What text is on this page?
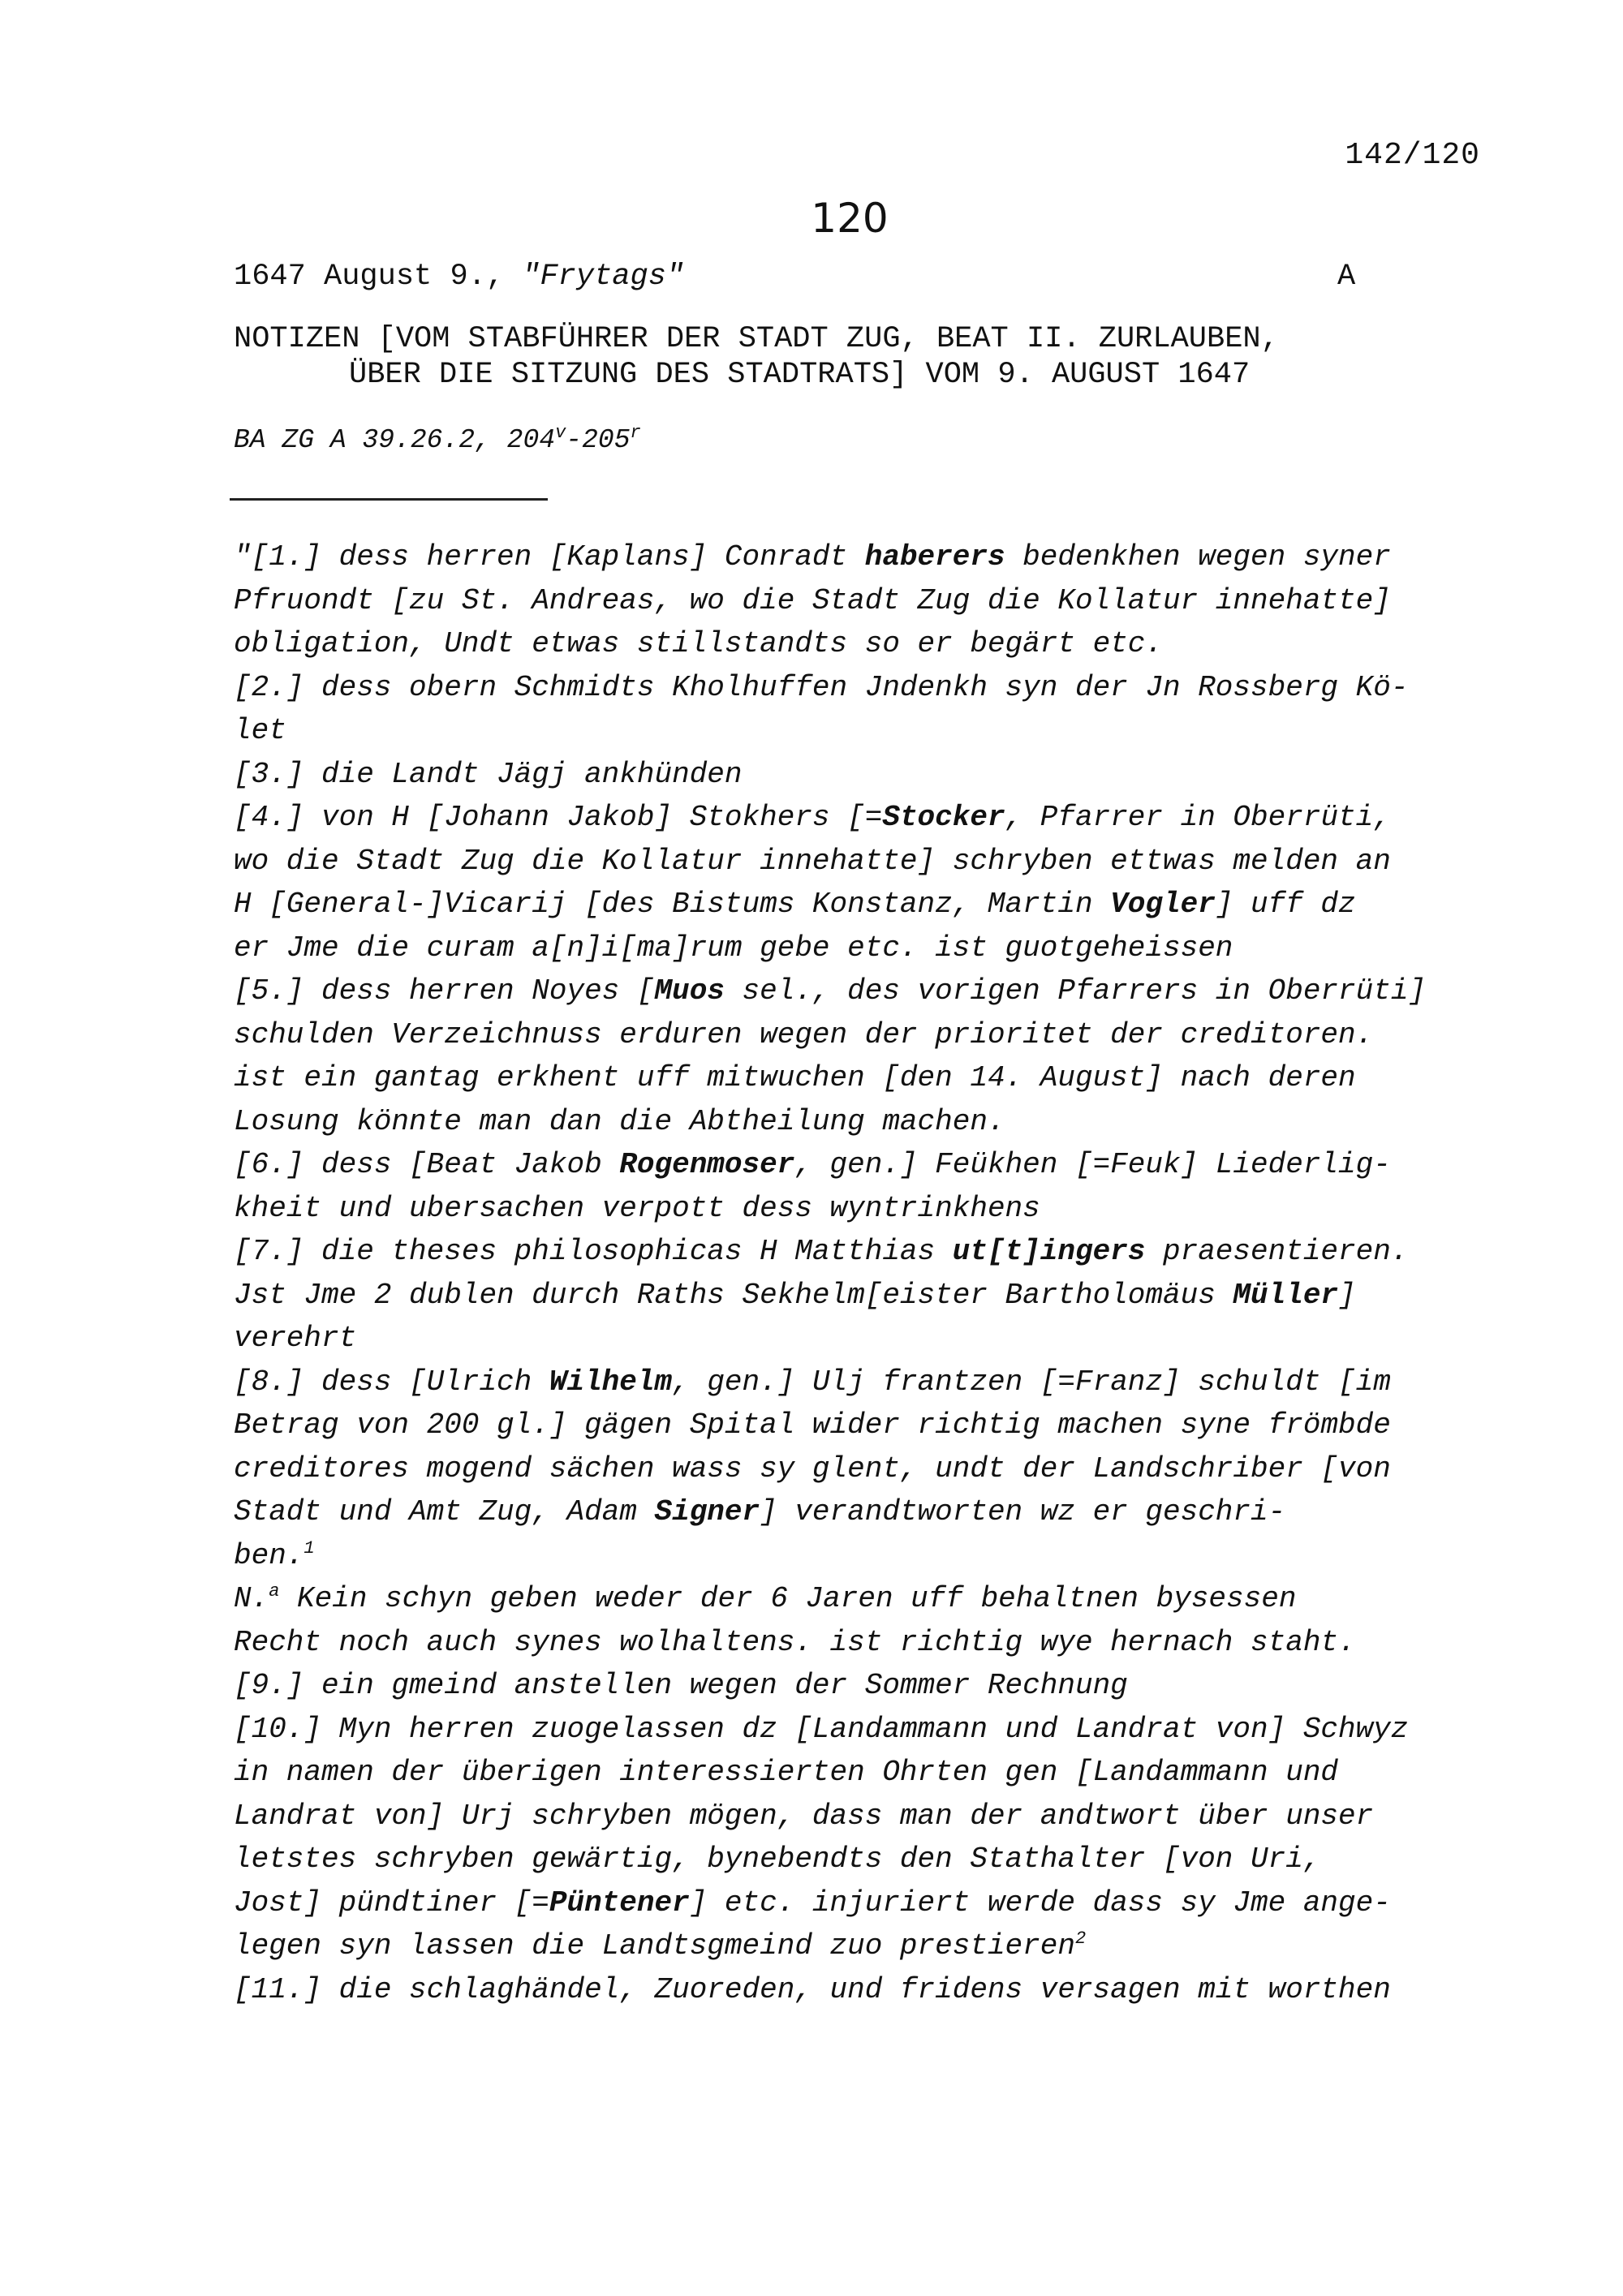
142/120
120
1647 August 9., "Frytags"	A
NOTIZEN [VOM STABFÜHRER DER STADT ZUG, BEAT II. ZURLAUBEN,
ÜBER DIE SITZUNG DES STADTRATS] VOM 9. AUGUST 1647
BA ZG A 39.26.2, 204$^v$-205$^r$
"[1.] dess herren [Kaplans] Conradt haberers bedenkhen wegen syner
Pfruondt [zu St. Andreas, wo die Stadt Zug die Kollatur innehatte]
obligation, Undt etwas stillstandts so er begärt etc.
[2.] dess obern Schmidts Kholhuffen Jndenkh syn der Jn Rossberg Kö-
let
[3.] die Landt Jägj ankhünden
[4.] von H [Johann Jakob] Stokhers [=Stocker, Pfarrer in Oberrüti,
wo die Stadt Zug die Kollatur innehatte] schryben ettwas melden an
H [General-]Vicarij [des Bistums Konstanz, Martin Vogler] uff dz
er Jme die curam a[n]i[ma]rum gebe etc. ist guotgeheissen
[5.] dess herren Noyes [Muos sel., des vorigen Pfarrers in Oberrüti]
schulden Verzeichnuss erduren wegen der prioritet der creditoren.
ist ein gantag erkhent uff mitwuchen [den 14. August] nach deren
Losung könnte man dan die Abtheilung machen.
[6.] dess [Beat Jakob Rogenmoser, gen.] Feükhen [=Feuk] Liederlig-
kheit und ubersachen verpott dess wyntrinkhens
[7.] die theses philosophicas H Matthias ut[t]ingers praesentieren.
Jst Jme 2 dublen durch Raths Sekhelm[eister Bartholomäus Müller]
verehrt
[8.] dess [Ulrich Wilhelm, gen.] Ulj frantzen [=Franz] schuldt [im
Betrag von 200 gl.] gägen Spital wider richtig machen syne frömbde
creditores mogend sächen wass sy glent, undt der Landschriber [von
Stadt und Amt Zug, Adam Signer] verandtworten wz er geschri-
ben.$^1$
N.$^a$ Kein schyn geben weder der 6 Jaren uff behaltnen bysessen
Recht noch auch synes wolhaltens. ist richtig wye hernach staht.
[9.] ein gmeind anstellen wegen der Sommer Rechnung
[10.] Myn herren zuogelassen dz [Landammann und Landrat von] Schwyz
in namen der überigen interessierten Ohrten gen [Landammann und
Landrat von] Urj schryben mögen, dass man der andtwort über unser
letstes schryben gewärtig, bynebendts den Stathalter [von Uri,
Jost] pündtiner [=Püntener] etc. injuriert werde dass sy Jme ange-
legen syn lassen die Landtsgmeind zuo prestieren$^2$
[11.] die schlaghändel, Zuoreden, und fridens versagen mit worthen
